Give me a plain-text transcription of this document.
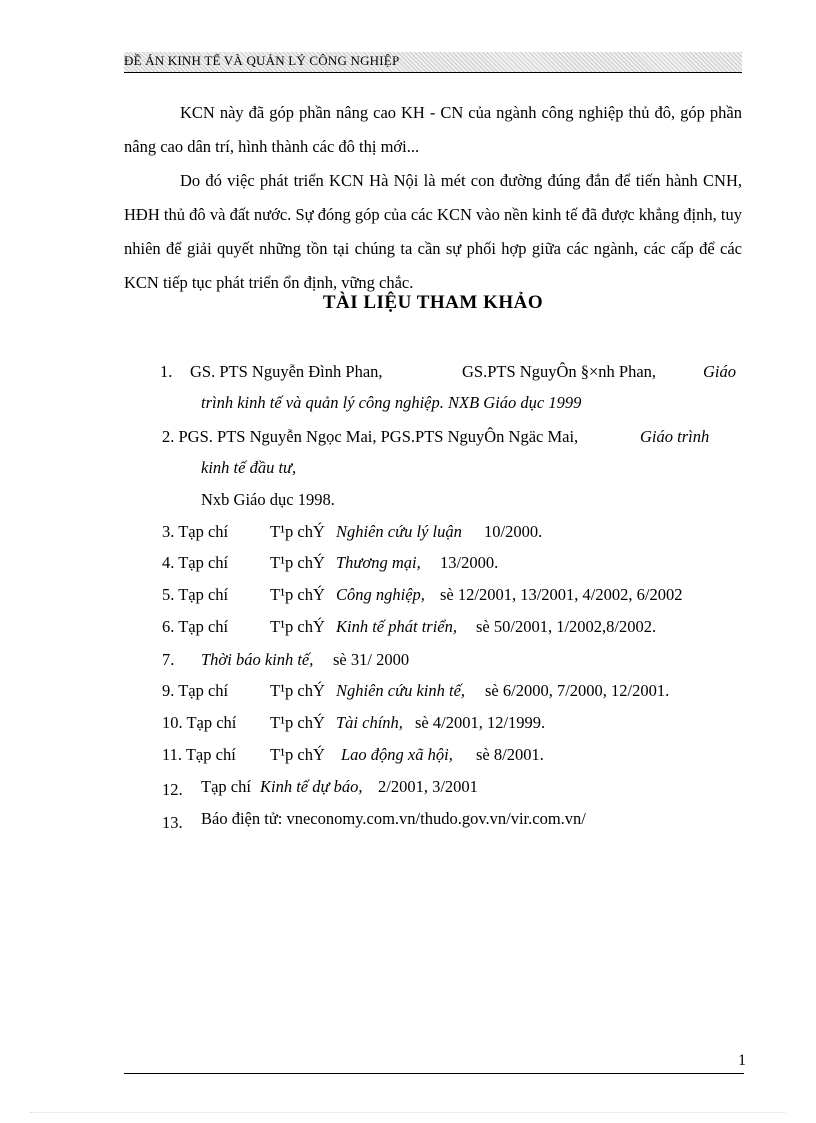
ĐỀ ÁN KINH TẾ VÀ QUẢN LÝ CÔNG NGHIỆP

KCN này đã góp phần nâng cao KH - CN của ngành công nghiệp thủ đô, góp phần nâng cao dân trí, hình thành các đô thị mới...

Do đó việc phát triển KCN Hà Nội là mét con đường đúng đắn để tiến hành CNH, HĐH thủ đô và đất nước. Sự đóng góp của các KCN vào nền kinh tế đã được khẳng định, tuy nhiên để giải quyết những tồn tại chúng ta cần sự phối hợp giữa các ngành, các cấp để các KCN tiếp tục phát triển ổn định, vững chắc.

TÀI LIỆU THAM KHẢO
1. GS. PTS Nguyễn Đình Phan,	GS.PTS NguyÔn §×nh Phan,	Giáo
trình kinh tế và quản lý công nghiệp. NXB Giáo dục 1999
2. PGS. PTS Nguyễn Ngọc Mai, PGS.PTS NguyÔn Ngäc Mai,	Giáo trình
kinh tế đầu tư,
Nxb Giáo dục 1998.
3. Tạp chí	T¹p chÝ Nghiên cứu lý luận 10/2000.
4. Tạp chí	T¹p chÝ Thương mại, 13/2000.
5. Tạp chí	T¹p chÝ Công nghiệp, sè 12/2001, 13/2001, 4/2002, 6/2002
6. Tạp chí	T¹p chÝ Kinh tế phát triển, sè 50/2001, 1/2002,8/2002.
7. Thời báo kinh tế, sè 31/ 2000
9. Tạp chí	T¹p chÝ Nghiên cứu kinh tế, sè 6/2000, 7/2000, 12/2001.
10. Tạp chí T¹p chÝ Tài chính, sè 4/2001, 12/1999.
11. Tạp chí T¹p chÝ Lao động xã hội, sè 8/2001.
12. Tạp chí Kinh tế dự báo, 2/2001, 3/2001
13. Báo điện tử: vneconomy.com.vn/thudo.gov.vn/vir.com.vn/
1
